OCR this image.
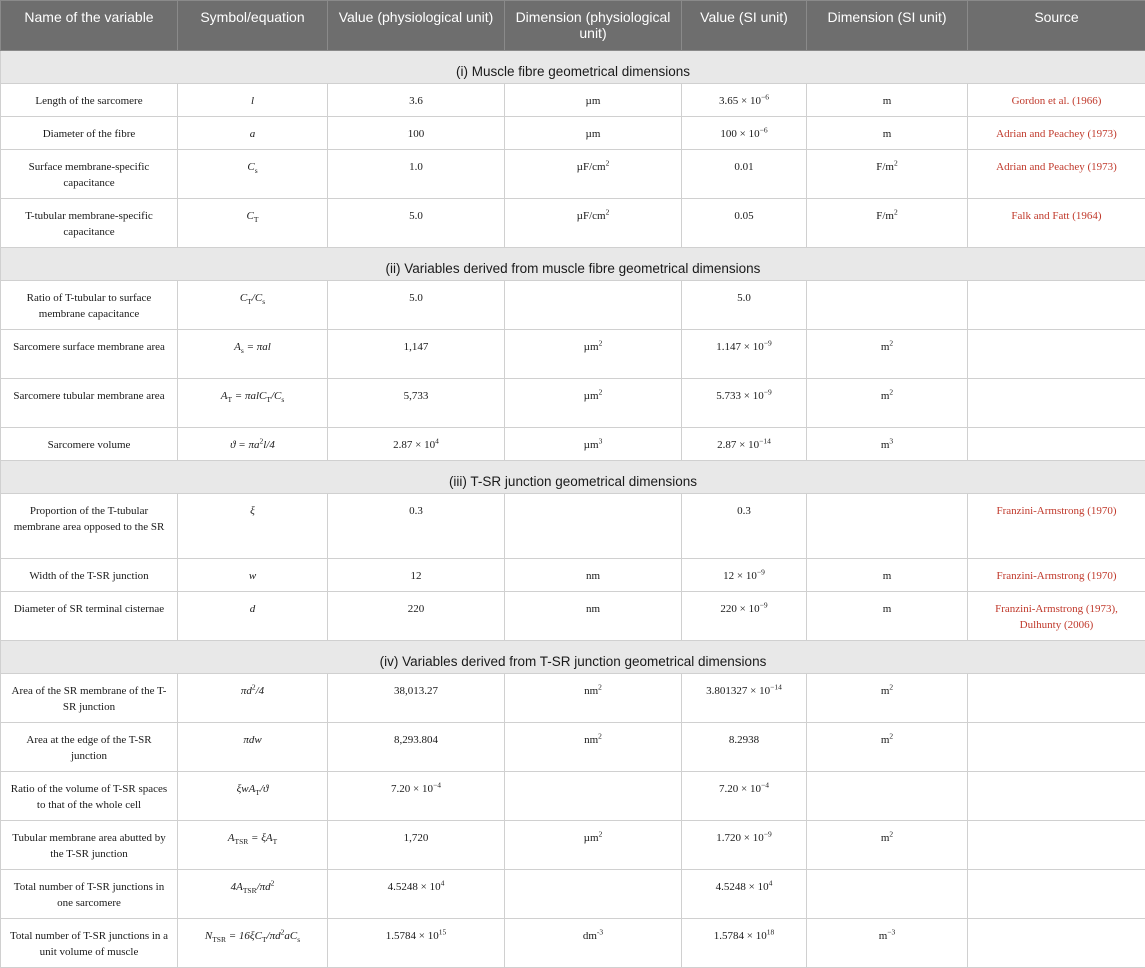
Name of the variable	Symbol/equation	Value (physiological unit)	Dimension (physiological unit)	Value (SI unit)	Dimension (SI unit)	Source
(i) Muscle fibre geometrical dimensions						
Length of the sarcomere	l	3.6	µm	$3.65 \times 10^{-6}$	m	Gordon et al. (1966)
Diameter of the fibre	a	100	µm	$100 \times 10^{-6}$	m	Adrian and Peachey (1973)
Surface membrane-specific capacitance	$C_s$	1.0	$\mu F/cm^2$	0.01	$F/m^2$	Adrian and Peachey (1973)
T-tubular membrane-specific capacitance	$C_T$	5.0	$\mu F/cm^2$	0.05	$F/m^2$	Falk and Fatt (1964)
(ii) Variables derived from muscle fibre geometrical dimensions						
Ratio of T-tubular to surface membrane capacitance	$C_T/C_s$	5.0		5.0		
Sarcomere surface membrane area	$A_s = \pi al$	1,147	µm$^2$	$1.147 \times 10^{-9}$	$m^2$	
Sarcomere tubular membrane area	$A_T = \pi alC_T/C_s$	5,733	µm$^2$	$5.733 \times 10^{-9}$	$m^2$	
Sarcomere volume	$ϑ = \pi a^2l/4$	$2.87 \times 10^4$	µm$^3$	$2.87 \times 10^{-14}$	$m^3$	
(iii) T-SR junction geometrical dimensions						
Proportion of the T-tubular membrane area opposed to the SR	ξ	0.3		0.3		Franzini-Armstrong (1970)
Width of the T-SR junction	w	12	nm	$12 \times 10^{-9}$	m	Franzini-Armstrong (1970)
Diameter of SR terminal cisternae	d	220	nm	$220 \times 10^{-9}$	m	Franzini-Armstrong (1973),
Dulhunty (2006)
(iv) Variables derived from T-SR junction geometrical dimensions						
Area of the SR membrane of the T-SR junction	$\pi d^2/4$	38,013.27	$nm^2$	$3.801327 \times 10^{-14}$	$m^2$	
Area at the edge of the T-SR junction	πdw	8,293.804	$nm^2$	8.2938	$m^2$	
Ratio of the volume of T-SR spaces to that of the whole cell	ξwA$_T$/ϑ	$7.20 \times 10^{-4}$		$7.20 \times 10^{-4}$		
Tubular membrane area abutted by the T-SR junction	$A_{TSR} = \xi A_T$	1,720	µm$^2$	$1.720 \times 10^{-9}$	$m^2$	
Total number of T-SR junctions in one sarcomere	$4A_{TSR}/\pi d^2$	$4.5248 \times 10^4$		$4.5248 \times 10^4$		
Total number of T-SR junctions in a unit volume of muscle	$N_{TSR} = 16\xi C_T/\pi d^2aC_s$	$1.5784 \times 10^{15}$	$dm^{-3}$	$1.5784 \times 10^{18}$	$m^{-3}$	
